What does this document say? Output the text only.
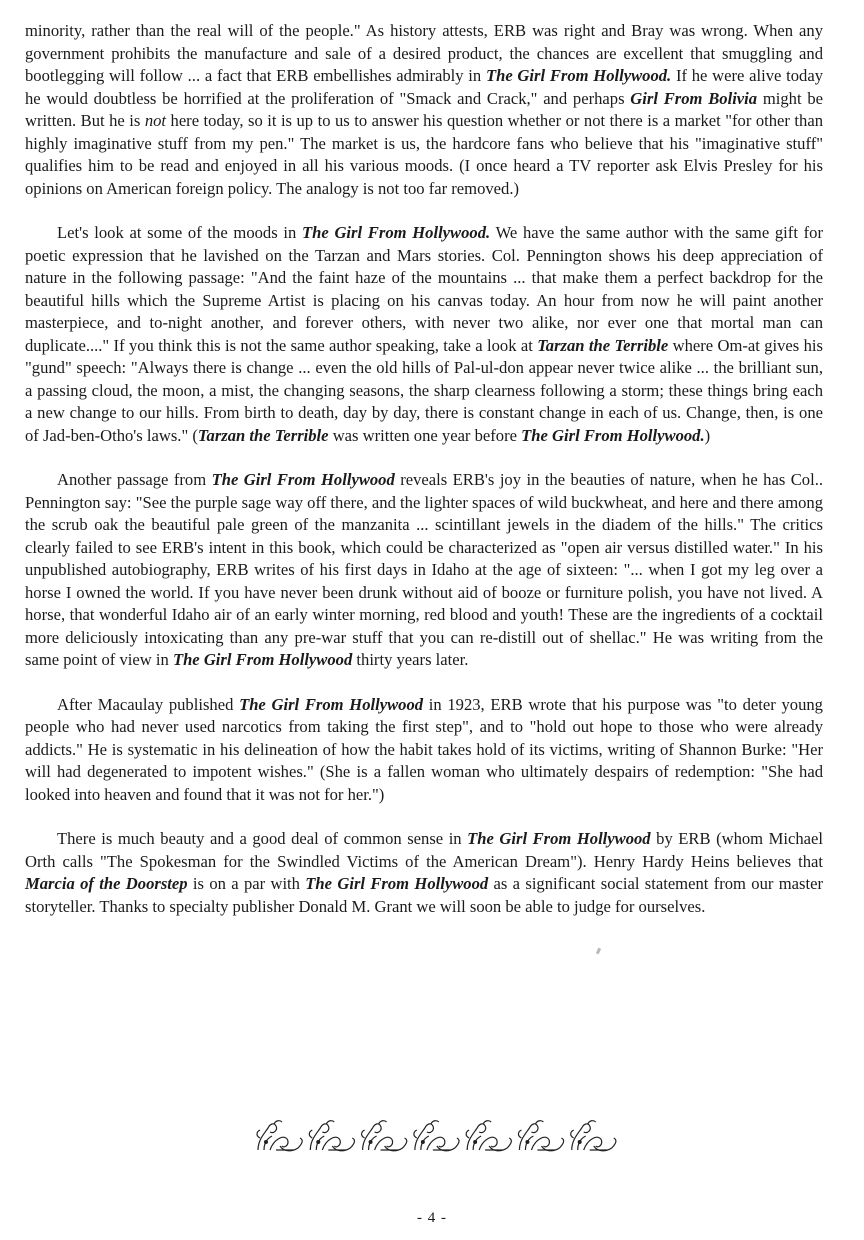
minority, rather than the real will of the people." As history attests, ERB was right and Bray was wrong. When any government prohibits the manufacture and sale of a desired product, the chances are excellent that smuggling and bootlegging will follow ... a fact that ERB embellishes admirably in The Girl From Hollywood. If he were alive today he would doubtless be horrified at the proliferation of "Smack and Crack," and perhaps Girl From Bolivia might be written. But he is not here today, so it is up to us to answer his question whether or not there is a market "for other than highly imaginative stuff from my pen." The market is us, the hardcore fans who believe that his "imaginative stuff" qualifies him to be read and enjoyed in all his various moods. (I once heard a TV reporter ask Elvis Presley for his opinions on American foreign policy. The analogy is not too far removed.)

Let's look at some of the moods in The Girl From Hollywood. We have the same author with the same gift for poetic expression that he lavished on the Tarzan and Mars stories. Col. Pennington shows his deep appreciation of nature in the following passage: "And the faint haze of the mountains ... that make them a perfect backdrop for the beautiful hills which the Supreme Artist is placing on his canvas today. An hour from now he will paint another masterpiece, and to-night another, and forever others, with never two alike, nor ever one that mortal man can duplicate...." If you think this is not the same author speaking, take a look at Tarzan the Terrible where Om-at gives his "gund" speech: "Always there is change ... even the old hills of Pal-ul-don appear never twice alike ... the brilliant sun, a passing cloud, the moon, a mist, the changing seasons, the sharp clearness following a storm; these things bring each a new change to our hills. From birth to death, day by day, there is constant change in each of us. Change, then, is one of Jad-ben-Otho's laws." (Tarzan the Terrible was written one year before The Girl From Hollywood.)

Another passage from The Girl From Hollywood reveals ERB's joy in the beauties of nature, when he has Col.. Pennington say: "See the purple sage way off there, and the lighter spaces of wild buckwheat, and here and there among the scrub oak the beautiful pale green of the manzanita ... scintillant jewels in the diadem of the hills." The critics clearly failed to see ERB's intent in this book, which could be characterized as "open air versus distilled water." In his unpublished autobiography, ERB writes of his first days in Idaho at the age of sixteen: "... when I got my leg over a horse I owned the world. If you have never been drunk without aid of booze or furniture polish, you have not lived. A horse, that wonderful Idaho air of an early winter morning, red blood and youth! These are the ingredients of a cocktail more deliciously intoxicating than any pre-war stuff that you can re-distill out of shellac." He was writing from the same point of view in The Girl From Hollywood thirty years later.

After Macaulay published The Girl From Hollywood in 1923, ERB wrote that his purpose was "to deter young people who had never used narcotics from taking the first step", and to "hold out hope to those who were already addicts." He is systematic in his delineation of how the habit takes hold of its victims, writing of Shannon Burke: "Her will had degenerated to impotent wishes." (She is a fallen woman who ultimately despairs of redemption: "She had looked into heaven and found that it was not for her.")

There is much beauty and a good deal of common sense in The Girl From Hollywood by ERB (whom Michael Orth calls "The Spokesman for the Swindled Victims of the American Dream"). Henry Hardy Heins believes that Marcia of the Doorstep is on a par with The Girl From Hollywood as a significant social statement from our master storyteller. Thanks to specialty publisher Donald M. Grant we will soon be able to judge for ourselves.

- 4 -
